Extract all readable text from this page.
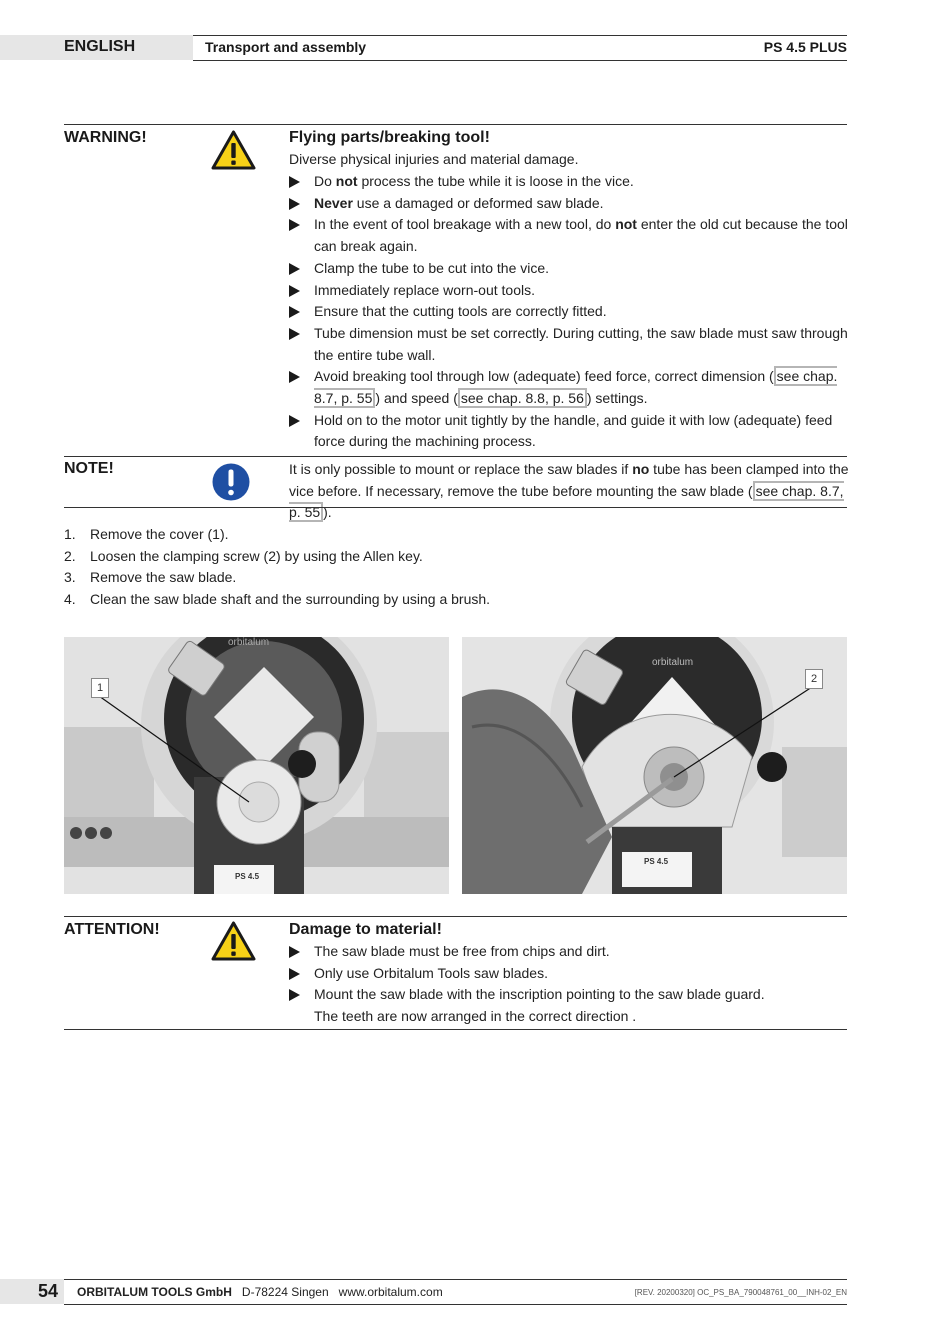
ENGLISH	Transport and assembly	PS 4.5 PLUS
WARNING!	Flying parts/breaking tool!
Diverse physical injuries and material damage.
Do not process the tube while it is loose in the vice.
Never use a damaged or deformed saw blade.
In the event of tool breakage with a new tool, do not enter the old cut because the tool can break again.
Clamp the tube to be cut into the vice.
Immediately replace worn-out tools.
Ensure that the cutting tools are correctly fitted.
Tube dimension must be set correctly. During cutting, the saw blade must saw through the entire tube wall.
Avoid breaking tool through low (adequate) feed force, correct dimension ( see chap. 8.7, p. 55 ) and speed ( see chap. 8.8, p. 56 ) settings.
Hold on to the motor unit tightly by the handle, and guide it with low (adequate) feed force during the machining process.
NOTE!	It is only possible to mount or replace the saw blades if no tube has been clamped into the vice before. If necessary, remove the tube before mounting the saw blade ( see chap. 8.7, p. 55 ).
1. Remove the cover (1).
2. Loosen the clamping screw (2) by using the Allen key.
3. Remove the saw blade.
4. Clean the saw blade shaft and the surrounding by using a brush.
orbitalum
PS 4.5
1
orbitalum
PS 4.5
2
ATTENTION!	Damage to material!
The saw blade must be free from chips and dirt.
Only use Orbitalum Tools saw blades.
Mount the saw blade with the inscription pointing to the saw blade guard. The teeth are now arranged in the correct direction .
54 ORBITALUM TOOLS GmbH D-78224 Singen www.orbitalum.com	[REV. 20200320] OC_PS_BA_790048761_00__INH-02_EN
